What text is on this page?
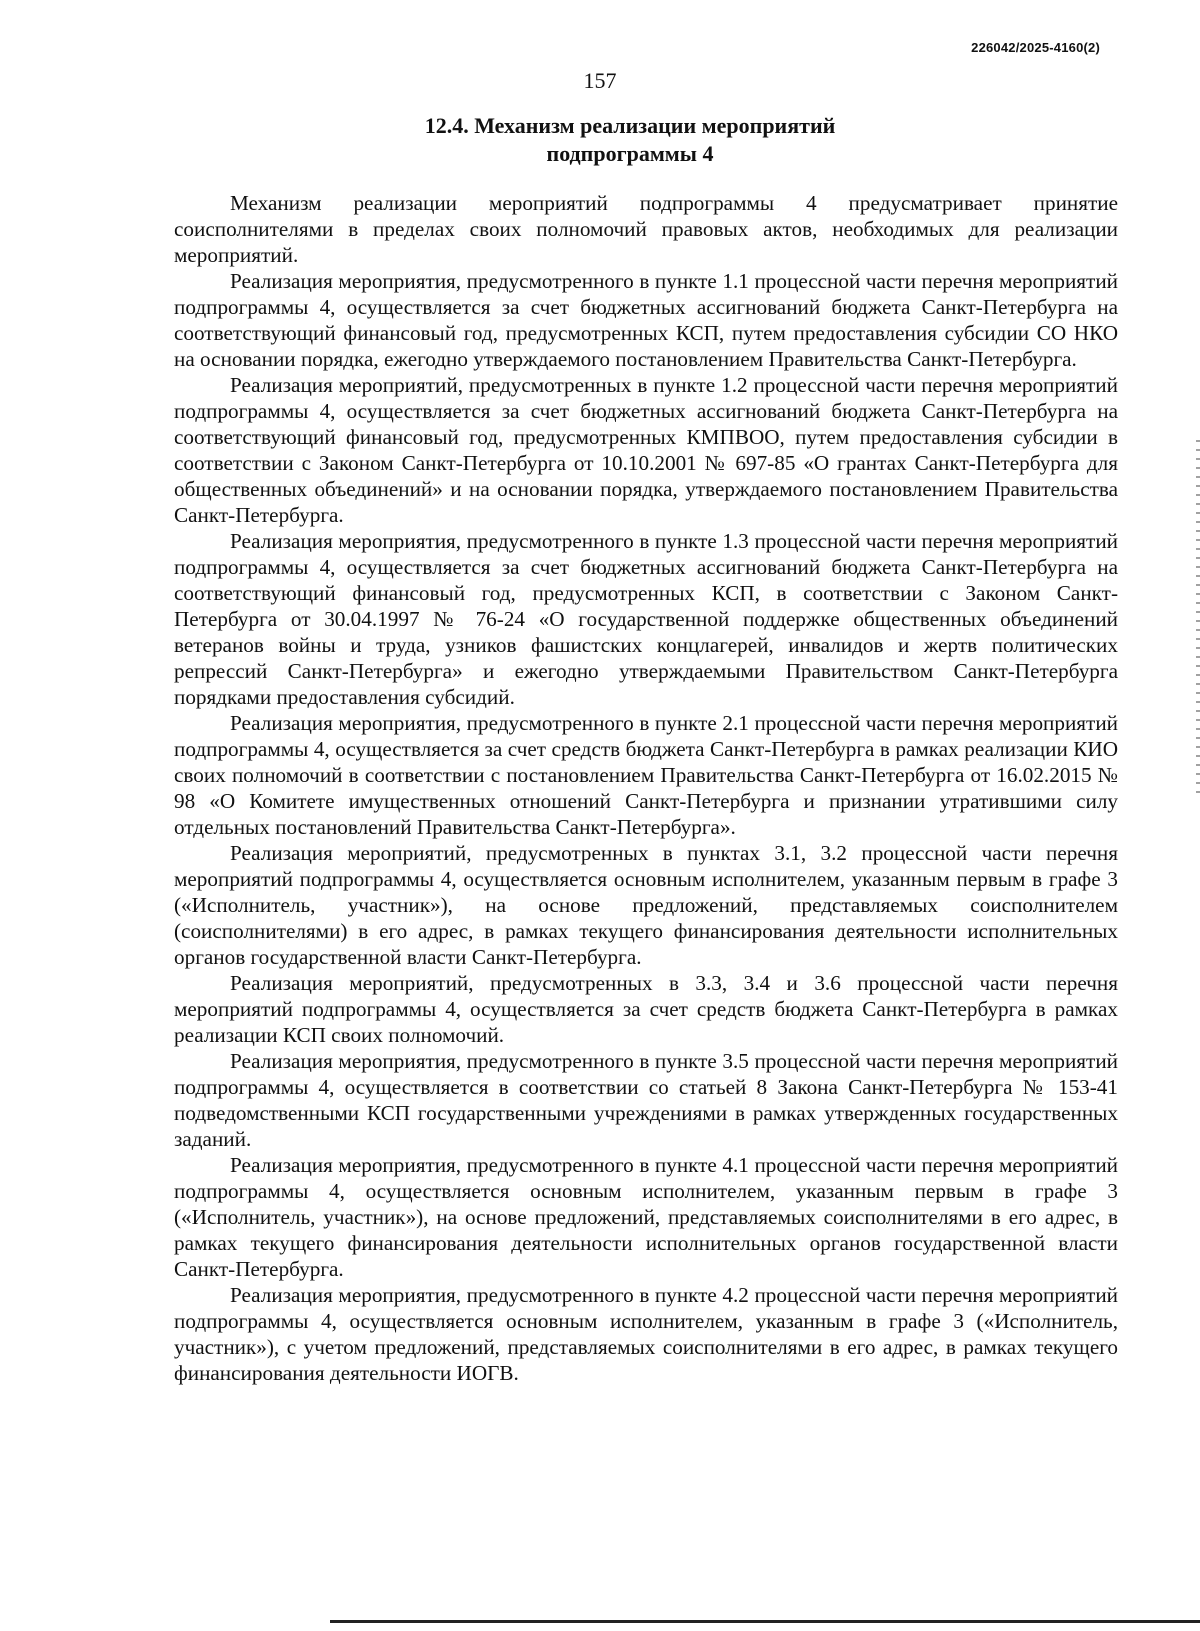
226042/2025-4160(2)
157
12.4. Механизм реализации мероприятий
подпрограммы 4

Механизм реализации мероприятий подпрограммы 4 предусматривает принятие соисполнителями в пределах своих полномочий правовых актов, необходимых для реализации мероприятий.

Реализация мероприятия, предусмотренного в пункте 1.1 процессной части перечня мероприятий подпрограммы 4, осуществляется за счет бюджетных ассигнований бюджета Санкт-Петербурга на соответствующий финансовый год, предусмотренных КСП, путем предоставления субсидии СО НКО на основании порядка, ежегодно утверждаемого постановлением Правительства Санкт-Петербурга.

Реализация мероприятий, предусмотренных в пункте 1.2 процессной части перечня мероприятий подпрограммы 4, осуществляется за счет бюджетных ассигнований бюджета Санкт-Петербурга на соответствующий финансовый год, предусмотренных КМПВОО, путем предоставления субсидии в соответствии с Законом Санкт-Петербурга от 10.10.2001 № 697-85 «О грантах Санкт-Петербурга для общественных объединений» и на основании порядка, утверждаемого постановлением Правительства Санкт-Петербурга.

Реализация мероприятия, предусмотренного в пункте 1.3 процессной части перечня мероприятий подпрограммы 4, осуществляется за счет бюджетных ассигнований бюджета Санкт-Петербурга на соответствующий финансовый год, предусмотренных КСП, в соответствии с Законом Санкт-Петербурга от 30.04.1997 № 76-24 «О государственной поддержке общественных объединений ветеранов войны и труда, узников фашистских концлагерей, инвалидов и жертв политических репрессий Санкт-Петербурга» и ежегодно утверждаемыми Правительством Санкт-Петербурга порядками предоставления субсидий.

Реализация мероприятия, предусмотренного в пункте 2.1 процессной части перечня мероприятий подпрограммы 4, осуществляется за счет средств бюджета Санкт-Петербурга в рамках реализации КИО своих полномочий в соответствии с постановлением Правительства Санкт-Петербурга от 16.02.2015 № 98 «О Комитете имущественных отношений Санкт-Петербурга и признании утратившими силу отдельных постановлений Правительства Санкт-Петербурга».

Реализация мероприятий, предусмотренных в пунктах 3.1, 3.2 процессной части перечня мероприятий подпрограммы 4, осуществляется основным исполнителем, указанным первым в графе 3 («Исполнитель, участник»), на основе предложений, представляемых соисполнителем (соисполнителями) в его адрес, в рамках текущего финансирования деятельности исполнительных органов государственной власти Санкт-Петербурга.

Реализация мероприятий, предусмотренных в 3.3, 3.4 и 3.6 процессной части перечня мероприятий подпрограммы 4, осуществляется за счет средств бюджета Санкт-Петербурга в рамках реализации КСП своих полномочий.

Реализация мероприятия, предусмотренного в пункте 3.5 процессной части перечня мероприятий подпрограммы 4, осуществляется в соответствии со статьей 8 Закона Санкт-Петербурга № 153-41 подведомственными КСП государственными учреждениями в рамках утвержденных государственных заданий.

Реализация мероприятия, предусмотренного в пункте 4.1 процессной части перечня мероприятий подпрограммы 4, осуществляется основным исполнителем, указанным первым в графе 3 («Исполнитель, участник»), на основе предложений, представляемых соисполнителями в его адрес, в рамках текущего финансирования деятельности исполнительных органов государственной власти Санкт-Петербурга.

Реализация мероприятия, предусмотренного в пункте 4.2 процессной части перечня мероприятий подпрограммы 4, осуществляется основным исполнителем, указанным в графе 3 («Исполнитель, участник»), с учетом предложений, представляемых соисполнителями в его адрес, в рамках текущего финансирования деятельности ИОГВ.
